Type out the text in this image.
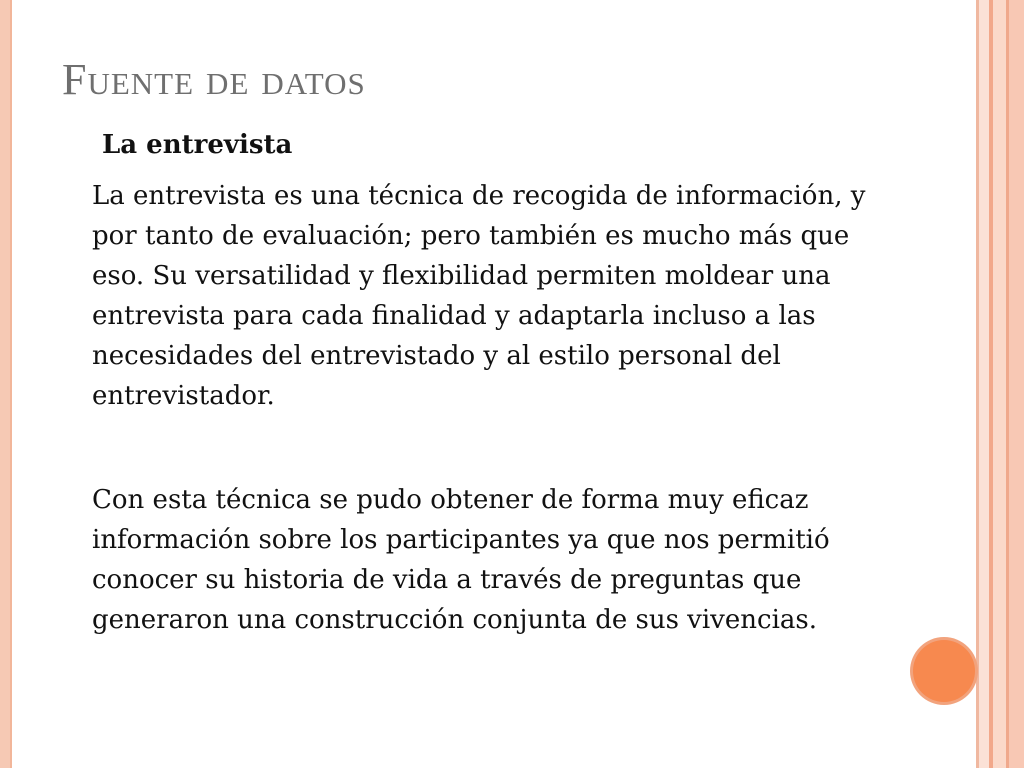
Fuente de datos
La entrevista
La entrevista es una técnica de recogida de información, y
por tanto de evaluación; pero también es mucho más que
eso. Su versatilidad y flexibilidad permiten moldear una
entrevista para cada finalidad y adaptarla incluso a las
necesidades del entrevistado y al estilo personal del
entrevistador.
Con esta técnica se pudo obtener de forma muy eficaz
información sobre los participantes ya que nos permitió
conocer su historia de vida a través de preguntas que
generaron una construcción conjunta de sus vivencias.
